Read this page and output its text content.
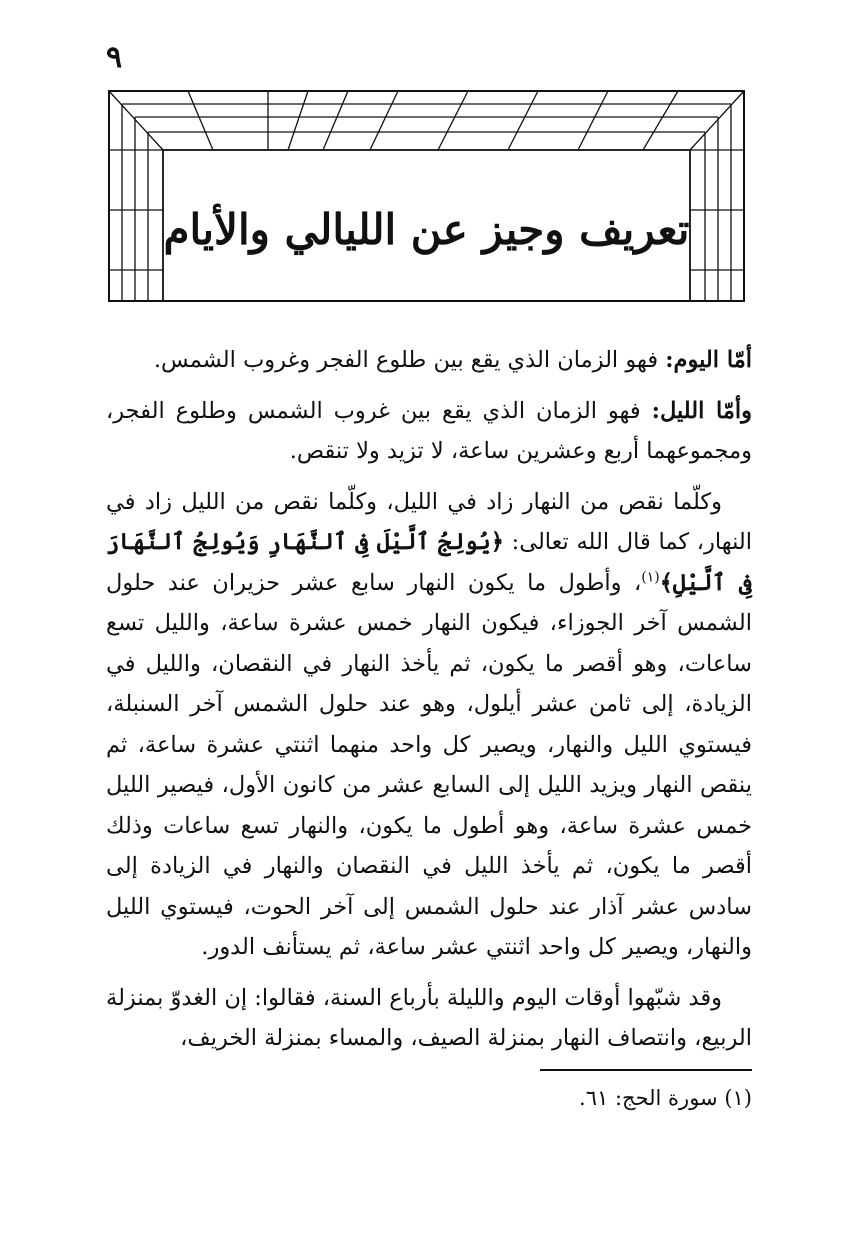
٩
تعريف وجيز عن الليالي والأيام

أمّا اليوم: فهو الزمان الذي يقع بين طلوع الفجر وغروب الشمس.

وأمّا الليل: فهو الزمان الذي يقع بين غروب الشمس وطلوع الفجر، ومجموعهما أربع وعشرين ساعة، لا تزيد ولا تنقص.

وكلّما نقص من النهار زاد في الليل، وكلّما نقص من الليل زاد في النهار، كما قال الله تعالى: ﴿يُولِجُ ٱلَّيْلَ فِى ٱلنَّهَارِ وَيُولِجُ ٱلنَّهَارَ فِى ٱلَّيْلِ﴾$^{(١)}$، وأطول ما يكون النهار سابع عشر حزيران عند حلول الشمس آخر الجوزاء، فيكون النهار خمس عشرة ساعة، والليل تسع ساعات، وهو أقصر ما يكون، ثم يأخذ النهار في النقصان، والليل في الزيادة، إلى ثامن عشر أيلول، وهو عند حلول الشمس آخر السنبلة، فيستوي الليل والنهار، ويصير كل واحد منهما اثنتي عشرة ساعة، ثم ينقص النهار ويزيد الليل إلى السابع عشر من كانون الأول، فيصير الليل خمس عشرة ساعة، وهو أطول ما يكون، والنهار تسع ساعات وذلك أقصر ما يكون، ثم يأخذ الليل في النقصان والنهار في الزيادة إلى سادس عشر آذار عند حلول الشمس إلى آخر الحوت، فيستوي الليل والنهار، ويصير كل واحد اثنتي عشر ساعة، ثم يستأنف الدور.

وقد شبّهوا أوقات اليوم والليلة بأرباع السنة، فقالوا: إن الغدوّ بمنزلة الربيع، وانتصاف النهار بمنزلة الصيف، والمساء بمنزلة الخريف،

(١) سورة الحج: ٦١.
